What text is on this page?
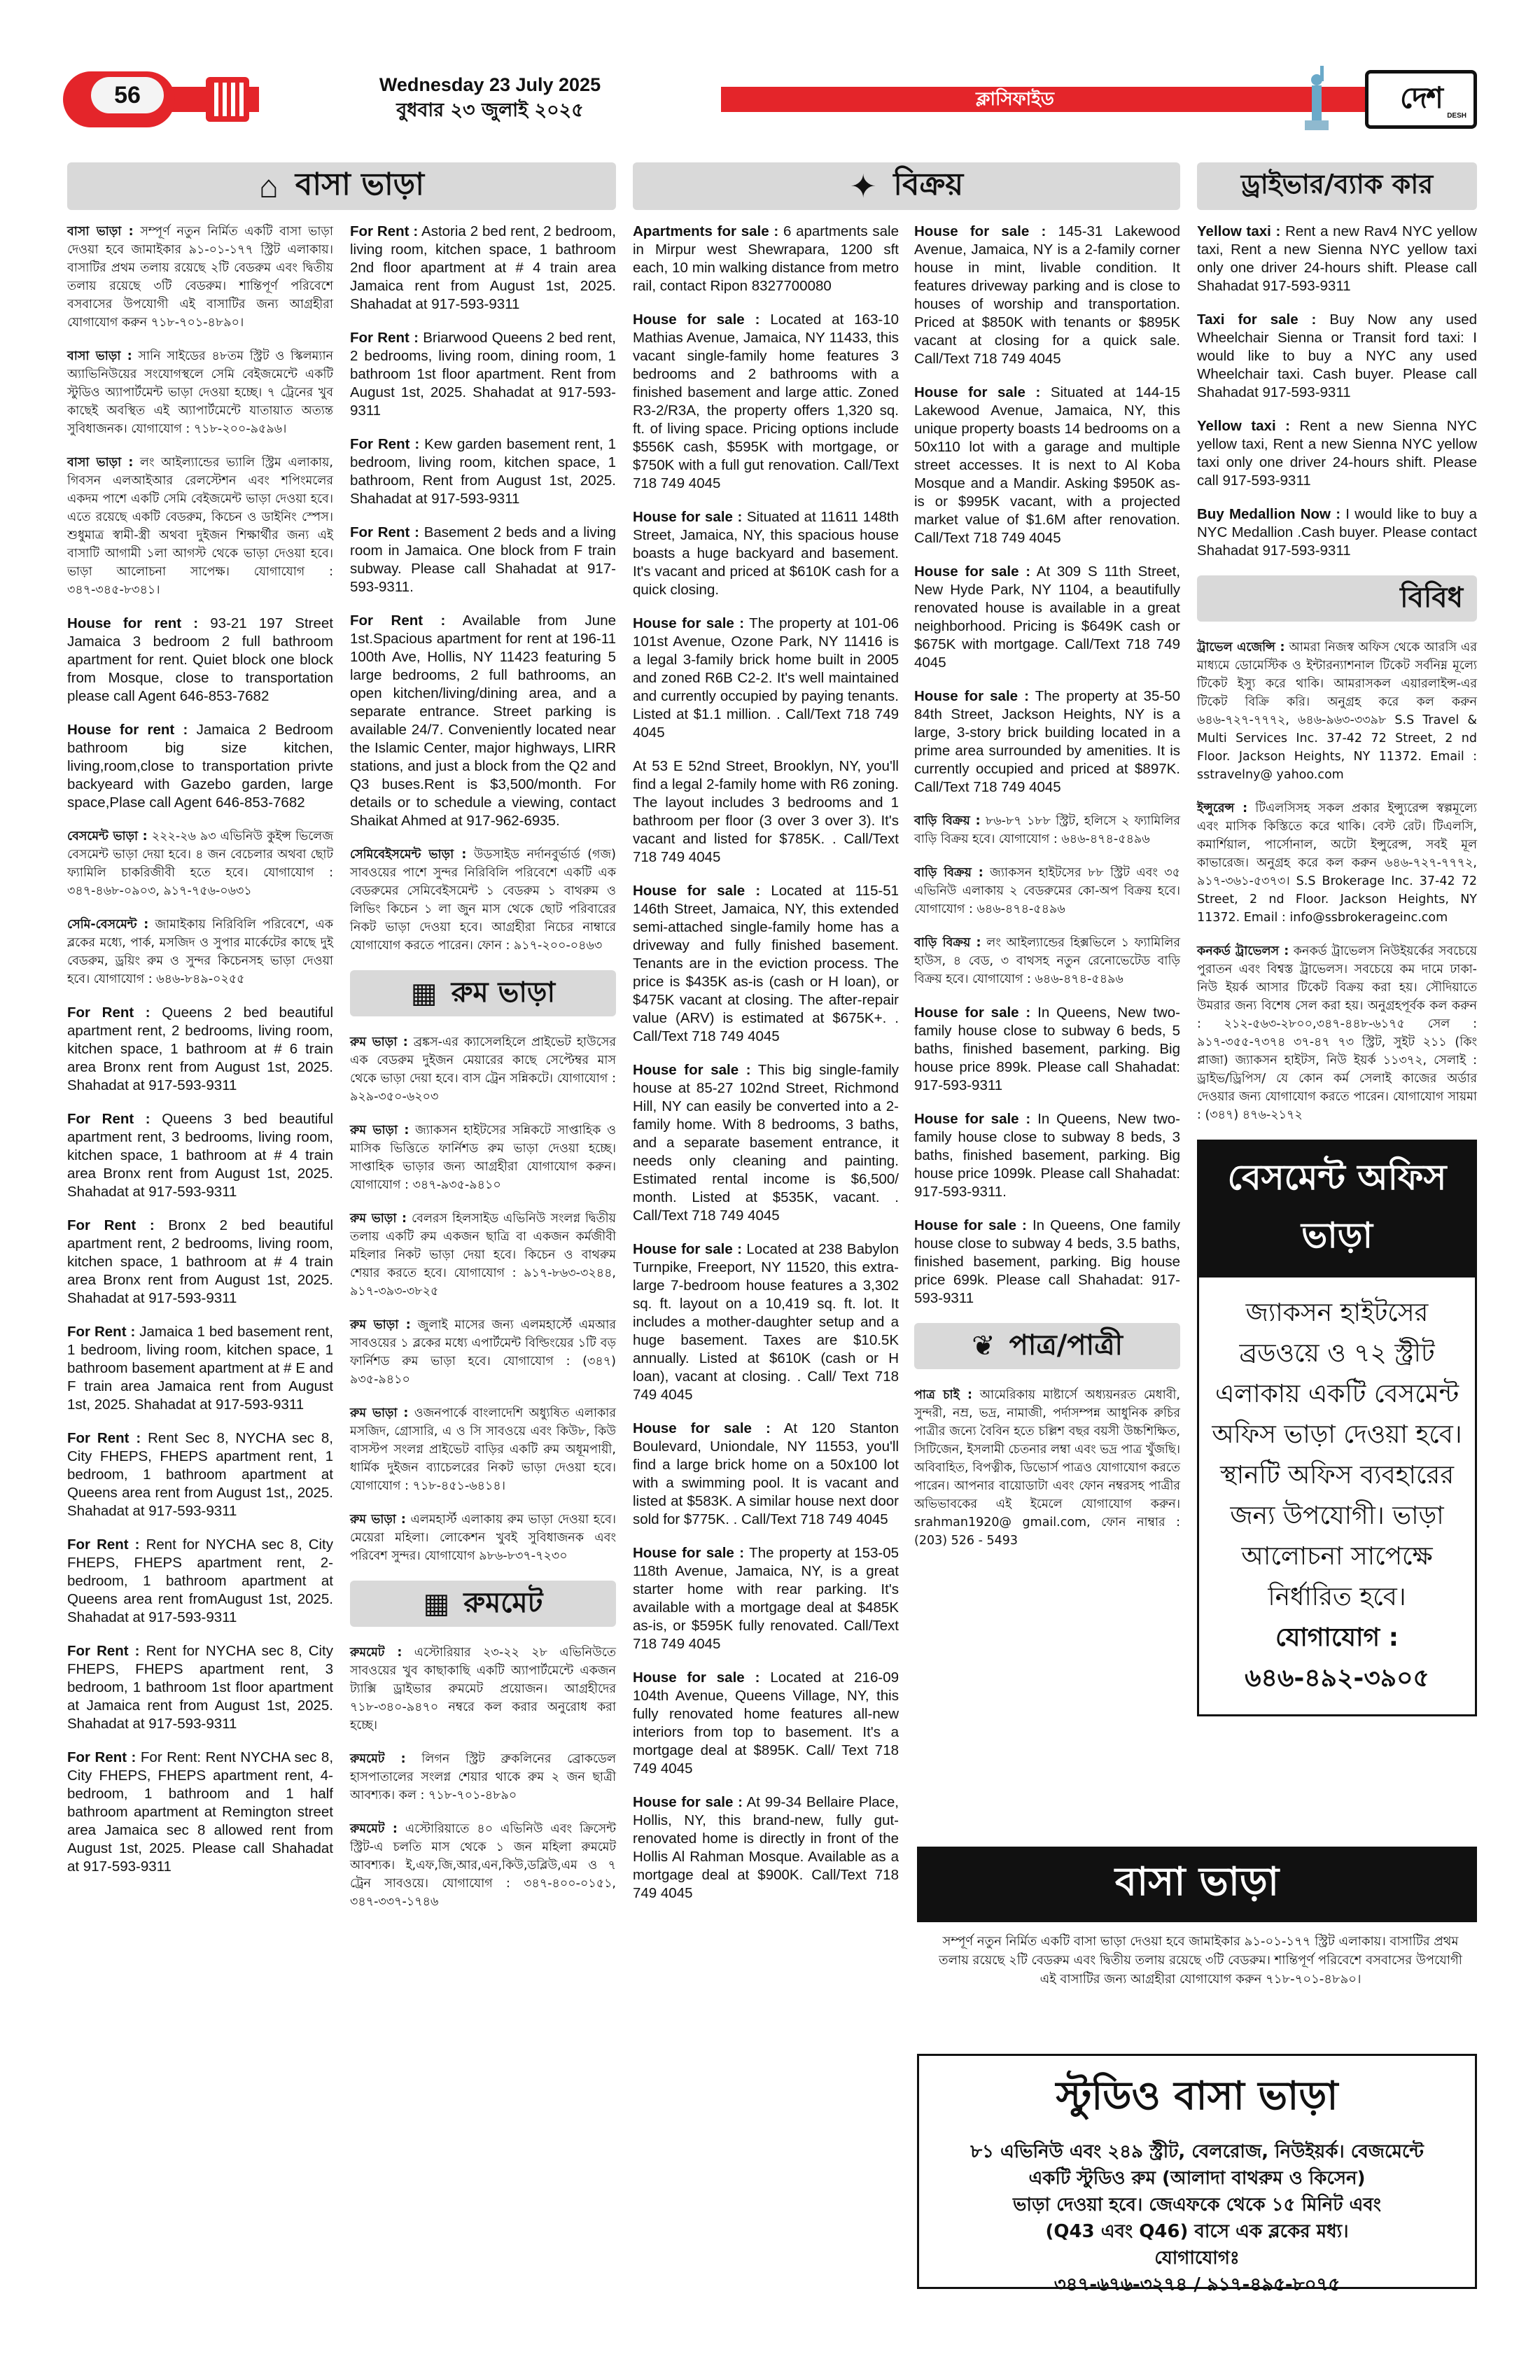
56	Wednesday 23 July 2025
বুধবার ২৩ জুলাই ২০২৫	ক্লাসিফাইড	দেশ
DESH
⌂ বাসা ভাড়া	✦ বিক্রয়	ড্রাইভার/ব্যাক কার

বাসা ভাড়া : সম্পূর্ণ নতুন নির্মিত একটি বাসা ভাড়া দেওয়া হবে জামাইকার ৯১-০১-১৭৭ স্ট্রিট এলাকায়। বাসাটির প্রথম তলায় রয়েছে ২টি বেডরুম এবং দ্বিতীয় তলায় রয়েছে ৩টি বেডরুম। শান্তিপূর্ণ পরিবেশে বসবাসের উপযোগী এই বাসাটির জন্য আগ্রহীরা যোগাযোগ করুন ৭১৮-৭০১-৪৮৯০।

বাসা ভাড়া : সানি সাইডের ৪৮তম স্ট্রিট ও স্কিলম্যান অ্যাভিনিউয়ের সংযোগস্থলে সেমি বেইজমেন্টে একটি স্টুডিও অ্যাপার্টমেন্ট ভাড়া দেওয়া হচ্ছে। ৭ ট্রেনের খুব কাছেই অবস্থিত এই অ্যাপার্টমেন্টে যাতায়াত অত্যন্ত সুবিধাজনক। যোগাযোগ : ৭১৮-২০০-৯৫৯৬।

বাসা ভাড়া : লং আইল্যান্ডের ভ্যালি স্ট্রিম এলাকায়, গিবসন এলআইআর রেলস্টেশন এবং শপিংমলের একদম পাশে একটি সেমি বেইজমেন্ট ভাড়া দেওয়া হবে। এতে রয়েছে একটি বেডরুম, কিচেন ও ডাইনিং স্পেস। শুধুমাত্র স্বামী-স্ত্রী অথবা দুইজন শিক্ষার্থীর জন্য এই বাসাটি আগামী ১লা আগস্ট থেকে ভাড়া দেওয়া হবে। ভাড়া আলোচনা সাপেক্ষ। যোগাযোগ : ৩৪৭-৩৪৫-৮৩৪১।

House for rent : 93-21 197 Street Jamaica 3 bedroom 2 full bathroom apartment for rent. Quiet block one block from Mosque, close to transportation please call Agent 646-853-7682

House for rent : Jamaica 2 Bedroom bathroom big size kitchen, living,room,close to transportation privte backyeard with Gazebo garden, large space,Plase call Agent 646-853-7682

বেসমেন্ট ভাড়া : ২২২-২৬ ৯৩ এভিনিউ কুইন্স ভিলেজ বেসমেন্ট ভাড়া দেয়া হবে। ৪ জন বেচেলার অথবা ছোট ফ্যামিলি চাকরিজীবী হতে হবে। যোগাযোগ : ৩৪৭-৪৬৮-০৯০৩, ৯১৭-৭৫৬-০৬৩১

সেমি-বেসমেন্ট : জামাইকায় নিরিবিলি পরিবেশে, এক ব্লকের মধ্যে, পার্ক, মসজিদ ও সুপার মার্কেটের কাছে দুই বেডরুম, ড্রয়িং রুম ও সুন্দর কিচেনসহ ভাড়া দেওয়া হবে। যোগাযোগ : ৬৪৬-৮৪৯-০২৫৫

For Rent : Queens 2 bed beautiful apartment rent, 2 bedrooms, living room, kitchen space, 1 bathroom at # 6 train area Bronx rent from August 1st, 2025. Shahadat at 917-593-9311

For Rent : Queens 3 bed beautiful apartment rent, 3 bedrooms, living room, kitchen space, 1 bathroom at # 4 train area Bronx rent from August 1st, 2025. Shahadat at 917-593-9311

For Rent : Bronx 2 bed beautiful apartment rent, 2 bedrooms, living room, kitchen space, 1 bathroom at # 4 train area Bronx rent from August 1st, 2025. Shahadat at 917-593-9311

For Rent : Jamaica 1 bed basement rent, 1 bedroom, living room, kitchen space, 1 bathroom basement apartment at # E and F train area Jamaica rent from August 1st, 2025. Shahadat at 917-593-9311

For Rent : Rent Sec 8, NYCHA sec 8, City FHEPS, FHEPS apartment rent, 1 bedroom, 1 bathroom apartment at Queens area rent from August 1st,, 2025. Shahadat at 917-593-9311

For Rent : Rent for NYCHA sec 8, City FHEPS, FHEPS apartment rent, 2-bedroom, 1 bathroom apartment at Queens area rent fromAugust 1st, 2025. Shahadat at 917-593-9311

For Rent : Rent for NYCHA sec 8, City FHEPS, FHEPS apartment rent, 3 bedroom, 1 bathroom 1st floor apartment at Jamaica rent from August 1st, 2025. Shahadat at 917-593-9311

For Rent : For Rent: Rent NYCHA sec 8, City FHEPS, FHEPS apartment rent, 4-bedroom, 1 bathroom and 1 half bathroom apartment at Remington street area Jamaica sec 8 allowed rent from August 1st, 2025. Please call Shahadat at 917-593-9311

For Rent : Astoria 2 bed rent, 2 bedroom, living room, kitchen space, 1 bathroom 2nd floor apartment at # 4 train area Jamaica rent from August 1st, 2025. Shahadat at 917-593-9311

For Rent : Briarwood Queens 2 bed rent, 2 bedrooms, living room, dining room, 1 bathroom 1st floor apartment. Rent from August 1st, 2025. Shahadat at 917-593-9311

For Rent : Kew garden basement rent, 1 bedroom, living room, kitchen space, 1 bathroom, Rent from August 1st, 2025. Shahadat at 917-593-9311

For Rent : Basement 2 beds and a living room in Jamaica. One block from F train subway. Please call Shahadat at 917-593-9311.

For Rent : Available from June 1st.Spacious apartment for rent at 196-11 100th Ave, Hollis, NY 11423 featuring 5 large bedrooms, 2 full bathrooms, an open kitchen/living/dining area, and a separate entrance. Street parking is available 24/7. Conveniently located near the Islamic Center, major highways, LIRR stations, and just a block from the Q2 and Q3 buses.Rent is $3,500/month. For details or to schedule a viewing, contact Shaikat Ahmed at 917-962-6935.

সেমিবেইসমেন্ট ভাড়া : উডসাইড নর্দানবুর্ভার্ড (গজ) সাবওয়ের পাশে সুন্দর নিরিবিলি পরিবেশে একটি এক বেডরুমের সেমিবেইসমেন্ট ১ বেডরুম ১ বাথরুম ও লিভিং কিচেন ১ লা জুন মাস থেকে ছোট পরিবারের নিকট ভাড়া দেওয়া হবে। আগ্রহীরা নিচের নাম্বারে যোগাযোগ করতে পারেন। ফোন : ৯১৭-২০০-০৪৬৩

▦ রুম ভাড়া

রুম ভাড়া : ব্রঙ্কস-এর ক্যাসেলহিলে প্রাইভেট হাউসের এক বেডরুম দুইজন মেয়ারের কাছে সেপ্টেম্বর মাস থেকে ভাড়া দেয়া হবে। বাস ট্রেন সন্নিকটে। যোগাযোগ : ৯২৯-৩৫০-৬২০৩

রুম ভাড়া : জ্যাকসন হাইটসের সন্নিকটে সাপ্তাহিক ও মাসিক ভিত্তিতে ফার্নিশড রুম ভাড়া দেওয়া হচ্ছে। সাপ্তাহিক ভাড়ার জন্য আগ্রহীরা যোগাযোগ করুন। যোগাযোগ : ৩৪৭-৯৩৫-৯৪১০

রুম ভাড়া : বেলরস হিলসাইড এভিনিউ সংলগ্ন দ্বিতীয় তলায় একটি রুম একজন ছাত্রি বা একজন কর্মজীবী মহিলার নিকট ভাড়া দেয়া হবে। কিচেন ও বাথরুম শেয়ার করতে হবে। যোগাযোগ : ৯১৭-৮৬৩-৩২৪৪, ৯১৭-৩৯৩-৩৮২৫

রুম ভাড়া : জুলাই মাসের জন্য এলমহার্স্টে এমআর সাবওয়ের ১ ব্লকের মধ্যে এপার্টমেন্ট বিল্ডিংয়ের ১টি বড় ফার্নিশড রুম ভাড়া হবে। যোগাযোগ : (৩৪৭) ৯৩৫-৯৪১০

রুম ভাড়া : ওজনপার্কে বাংলাদেশি অধ্যুষিত এলাকার মসজিদ, গ্রোসারি, এ ও সি সাবওয়ে এবং কিউ৮, কিউ বাসস্টপ সংলগ্ন প্রাইভেট বাড়ির একটি রুম অধূমপায়ী, ধার্মিক দুইজন ব্যাচেলরের নিকট ভাড়া দেওয়া হবে। যোগাযোগ : ৭১৮-৪৫১-৬৪১৪।

রুম ভাড়া : এলমহার্স্ট এলাকায় রুম ভাড়া দেওয়া হবে। মেয়েরা মহিলা। লোকেশন খুবই সুবিধাজনক এবং পরিবেশ সুন্দর। যোগাযোগ ৯৮৬-৮৩৭-৭২৩০

▦ রুমমেট

রুমমেট : এস্টোরিয়ার ২৩-২২ ২৮ এভিনিউতে সাবওয়ের খুব কাছাকাছি একটি অ্যাপার্টমেন্টে একজন ট্যাক্সি ড্রাইভার রুমমেট প্রয়োজন। আগ্রহীদের ৭১৮-৩৪০-৯৪৭০ নম্বরে কল করার অনুরোধ করা হচ্ছে।

রুমমেট : লিগন স্ট্রিট ব্রুকলিনের ব্রোকডেল হাসপাতালের সংলগ্ন শেয়ার থাকে রুম ২ জন ছাত্রী আবশ্যক। কল : ৭১৮-৭০১-৪৮৯০

রুমমেট : এস্টোরিয়াতে ৪০ এভিনিউ এবং ক্রিসেন্ট স্ট্রিট-এ চলতি মাস থেকে ১ জন মহিলা রুমমেট আবশ্যক। ই,এফ,জি,আর,এন,কিউ,ডব্লিউ,এম ও ৭ ট্রেন সাবওয়ে। যোগাযোগ : ৩৪৭-৪০০-০১৫১, ৩৪৭-৩৩৭-১৭৪৬

Apartments for sale : 6 apartments sale in Mirpur west Shewrapara, 1200 sft each, 10 min walking distance from metro rail, contact Ripon 8327700080

House for sale : Located at 163-10 Mathias Avenue, Jamaica, NY 11433, this vacant single-family home features 3 bedrooms and 2 bathrooms with a finished basement and large attic. Zoned R3-2/R3A, the property offers 1,320 sq. ft. of living space. Pricing options include $556K cash, $595K with mortgage, or $750K with a full gut renovation. Call/Text 718 749 4045

House for sale : Situated at 11611 148th Street, Jamaica, NY, this spacious house boasts a huge backyard and basement. It's vacant and priced at $610K cash for a quick closing.

House for sale : The property at 101-06 101st Avenue, Ozone Park, NY 11416 is a legal 3-family brick home built in 2005 and zoned R6B C2-2. It's well maintained and currently occupied by paying tenants. Listed at $1.1 million. . Call/Text 718 749 4045

At 53 E 52nd Street, Brooklyn, NY, you'll find a legal 2-family home with R6 zoning. The layout includes 3 bedrooms and 1 bathroom per floor (3 over 3 over 3). It's vacant and listed for $785K. . Call/Text 718 749 4045

House for sale : Located at 115-51 146th Street, Jamaica, NY, this extended semi-attached single-family home has a driveway and fully finished basement. Tenants are in the eviction process. The price is $435K as-is (cash or H loan), or $475K vacant at closing. The after-repair value (ARV) is estimated at $675K+. . Call/Text 718 749 4045

House for sale : This big single-family house at 85-27 102nd Street, Richmond Hill, NY can easily be converted into a 2-family home. With 8 bedrooms, 3 baths, and a separate basement entrance, it needs only cleaning and painting. Estimated rental income is $6,500/ month. Listed at $535K, vacant. . Call/Text 718 749 4045

House for sale : Located at 238 Babylon Turnpike, Freeport, NY 11520, this extra-large 7-bedroom house features a 3,302 sq. ft. layout on a 10,419 sq. ft. lot. It includes a mother-daughter setup and a huge basement. Taxes are $10.5K annually. Listed at $610K (cash or H loan), vacant at closing. . Call/ Text 718 749 4045

House for sale : At 120 Stanton Boulevard, Uniondale, NY 11553, you'll find a large brick home on a 50x100 lot with a swimming pool. It is vacant and listed at $583K. A similar house next door sold for $775K. . Call/Text 718 749 4045

House for sale : The property at 153-05 118th Avenue, Jamaica, NY, is a great starter home with rear parking. It's available with a mortgage deal at $485K as-is, or $595K fully renovated. Call/Text 718 749 4045

House for sale : Located at 216-09 104th Avenue, Queens Village, NY, this fully renovated home features all-new interiors from top to basement. It's a mortgage deal at $895K. Call/ Text 718 749 4045

House for sale : At 99-34 Bellaire Place, Hollis, NY, this brand-new, fully gut-renovated home is directly in front of the Hollis Al Rahman Mosque. Available as a mortgage deal at $900K. Call/Text 718 749 4045

House for sale : 145-31 Lakewood Avenue, Jamaica, NY is a 2-family corner house in mint, livable condition. It features driveway parking and is close to houses of worship and transportation. Priced at $850K with tenants or $895K vacant at closing for a quick sale. Call/Text 718 749 4045

House for sale : Situated at 144-15 Lakewood Avenue, Jamaica, NY, this unique property boasts 14 bedrooms on a 50x110 lot with a garage and multiple street accesses. It is next to Al Koba Mosque and a Mandir. Asking $950K as-is or $995K vacant, with a projected market value of $1.6M after renovation. Call/Text 718 749 4045

House for sale : At 309 S 11th Street, New Hyde Park, NY 1104, a beautifully renovated house is available in a great neighborhood. Pricing is $649K cash or $675K with mortgage. Call/Text 718 749 4045

House for sale : The property at 35-50 84th Street, Jackson Heights, NY is a large, 3-story brick building located in a prime area surrounded by amenities. It is currently occupied and priced at $897K. Call/Text 718 749 4045

বাড়ি বিক্রয় : ৮৬-৮৭ ১৮৮ স্ট্রিট, হলিসে ২ ফ্যামিলির বাড়ি বিক্রয় হবে। যোগাযোগ : ৬৪৬-৪৭৪-৫৪৯৬

বাড়ি বিক্রয় : জ্যাকসন হাইটসের ৮৮ স্ট্রিট এবং ৩৫ এভিনিউ এলাকায় ২ বেডরুমের কো-অপ বিক্রয় হবে। যোগাযোগ : ৬৪৬-৪৭৪-৫৪৯৬

বাড়ি বিক্রয় : লং আইল্যান্ডের হিক্সভিলে ১ ফ্যামিলির হাউস, ৪ বেড, ৩ বাথসহ নতুন রেনোভেটেড বাড়ি বিক্রয় হবে। যোগাযোগ : ৬৪৬-৪৭৪-৫৪৯৬

House for sale : In Queens, New two-family house close to subway 6 beds, 5 baths, finished basement, parking. Big house price 899k. Please call Shahadat: 917-593-9311

House for sale : In Queens, New two-family house close to subway 8 beds, 3 baths, finished basement, parking. Big house price 1099k. Please call Shahadat: 917-593-9311.

House for sale : In Queens, One family house close to subway 4 beds, 3.5 baths, finished basement, parking. Big house price 699k. Please call Shahadat: 917-593-9311

❦ পাত্র/পাত্রী

পাত্র চাই : আমেরিকায় মাষ্টার্সে অধ্যয়নরত মেধাবী, সুন্দরী, নম্র, ভদ্র, নামাজী, পর্দাসম্পন্ন আধুনিক রুচির পাত্রীর জন্যে বৈবিন হতে চল্লিশ বছর বয়সী উচ্চশিক্ষিত, সিটিজেন, ইসলামী চেতনার লম্বা এবং ভদ্র পাত্র খুঁজছি। অবিবাহিত, বিপত্নীক, ডিভোর্স পাত্রও যোগাযোগ করতে পারেন। আপনার বায়োডাটা এবং ফোন নম্বরসহ পাত্রীর অভিভাবকের এই ইমেলে যোগাযোগ করুন। srahman1920@ gmail.com, ফোন নাম্বার : (203) 526 - 5493

Yellow taxi : Rent a new Rav4 NYC yellow taxi, Rent a new Sienna NYC yellow taxi only one driver 24-hours shift. Please call Shahadat 917-593-9311

Taxi for sale : Buy Now any used Wheelchair Sienna or Transit ford taxi: I would like to buy a NYC any used Wheelchair taxi. Cash buyer. Please call Shahadat 917-593-9311

Yellow taxi : Rent a new Sienna NYC yellow taxi, Rent a new Sienna NYC yellow taxi only one driver 24-hours shift. Please call 917-593-9311

Buy Medallion Now : I would like to buy a NYC Medallion .Cash buyer. Please contact Shahadat 917-593-9311

বিবিধ

ট্রাভেল এজেন্সি : আমরা নিজস্ব অফিস থেকে আরসি এর মাধ্যমে ডোমেস্টিক ও ইন্টারন্যাশনাল টিকেট সর্বনিম্ন মূল্যে টিকেট ইস্যু করে থাকি। আমরাসকল এয়ারলাইন্স-এর টিকেট বিক্রি করি। অনুগ্রহ করে কল করুন ৬৪৬-৭২৭-৭৭৭২, ৬৪৬-৯৬৩-৩৩৯৮ S.S Travel & Multi Services Inc. 37-42 72 Street, 2 nd Floor. Jackson Heights, NY 11372. Email : sstravelny@ yahoo.com

ইন্সুরেন্স : টিএলসিসহ সকল প্রকার ইন্স্যুরেন্স স্বল্পমূল্যে এবং মাসিক কিস্তিতে করে থাকি। বেস্ট রেট। টিএলসি, কমার্শিয়াল, পার্সোনাল, অটো ইন্সুরেন্স, সবই মূল কাভারেজ। অনুগ্রহ করে কল করুন ৬৪৬-৭২৭-৭৭৭২, ৯১৭-৩৬১-৫৩৭৩। S.S Brokerage Inc. 37-42 72 Street, 2 nd Floor. Jackson Heights, NY 11372. Email : info@ssbrokerageinc.com

কনকর্ড ট্রাভেলস : কনকর্ড ট্রাভেলস নিউইয়র্কের সবচেয়ে পুরাতন এবং বিশ্বস্ত ট্রাভেলস। সবচেয়ে কম দামে ঢাকা-নিউ ইয়র্ক আসার টিকেট বিক্রয় করা হয়। সৌদিয়াতে উমরার জন্য বিশেষ সেল করা হয়। অনুগ্রহপূর্বক কল করুন : ২১২-৫৬৩-২৮০০,৩৪৭-৪৪৮-৬১৭৫ সেল : ৯১৭-৩৫৫-৭৩৭৪ ৩৭-৪৭ ৭৩ স্ট্রিট, সুইট ২১১ (কিং প্লাজা) জ্যাকসন হাইটস, নিউ ইয়র্ক ১১৩৭২, সেলাই : ড্রাইভ/ড্রিপিস/ যে কোন কর্ম সেলাই কাজের অর্ডার দেওয়ার জন্য যোগাযোগ করতে পারেন। যোগাযোগ সায়মা : (৩৪৭) ৪৭৬-২১৭২

বেসমেন্ট অফিস ভাড়া
জ্যাকসন হাইটসের ব্রডওয়ে ও ৭২ স্ট্রীট এলাকায় একটি বেসমেন্ট অফিস ভাড়া দেওয়া হবে। স্থানটি অফিস ব্যবহারের জন্য উপযোগী। ভাড়া আলোচনা সাপেক্ষে নির্ধারিত হবে।
যোগাযোগ :
৬৪৬-৪৯২-৩৯০৫
বাসা ভাড়া
সম্পূর্ণ নতুন নির্মিত একটি বাসা ভাড়া দেওয়া হবে জামাইকার ৯১-০১-১৭৭ স্ট্রিট এলাকায়। বাসাটির প্রথম তলায় রয়েছে ২টি বেডরুম এবং দ্বিতীয় তলায় রয়েছে ৩টি বেডরুম। শান্তিপূর্ণ পরিবেশে বসবাসের উপযোগী এই বাসাটির জন্য আগ্রহীরা যোগাযোগ করুন ৭১৮-৭০১-৪৮৯০।
স্টুডিও বাসা ভাড়া
৮১ এভিনিউ এবং ২৪৯ স্ট্রীট, বেলরোজ, নিউইয়র্ক। বেজমেন্টে
একটি স্টুডিও রুম (আলাদা বাথরুম ও কিসেন)
ভাড়া দেওয়া হবে। জেএফকে থেকে ১৫ মিনিট এবং
(Q43 এবং Q46) বাসে এক ব্লকের মধ্য।
যোগাযোগঃ
৩৪৭-৬৭৬-৩২৭৪ / ৯১৭-৪৯৫-৮০৭৫
